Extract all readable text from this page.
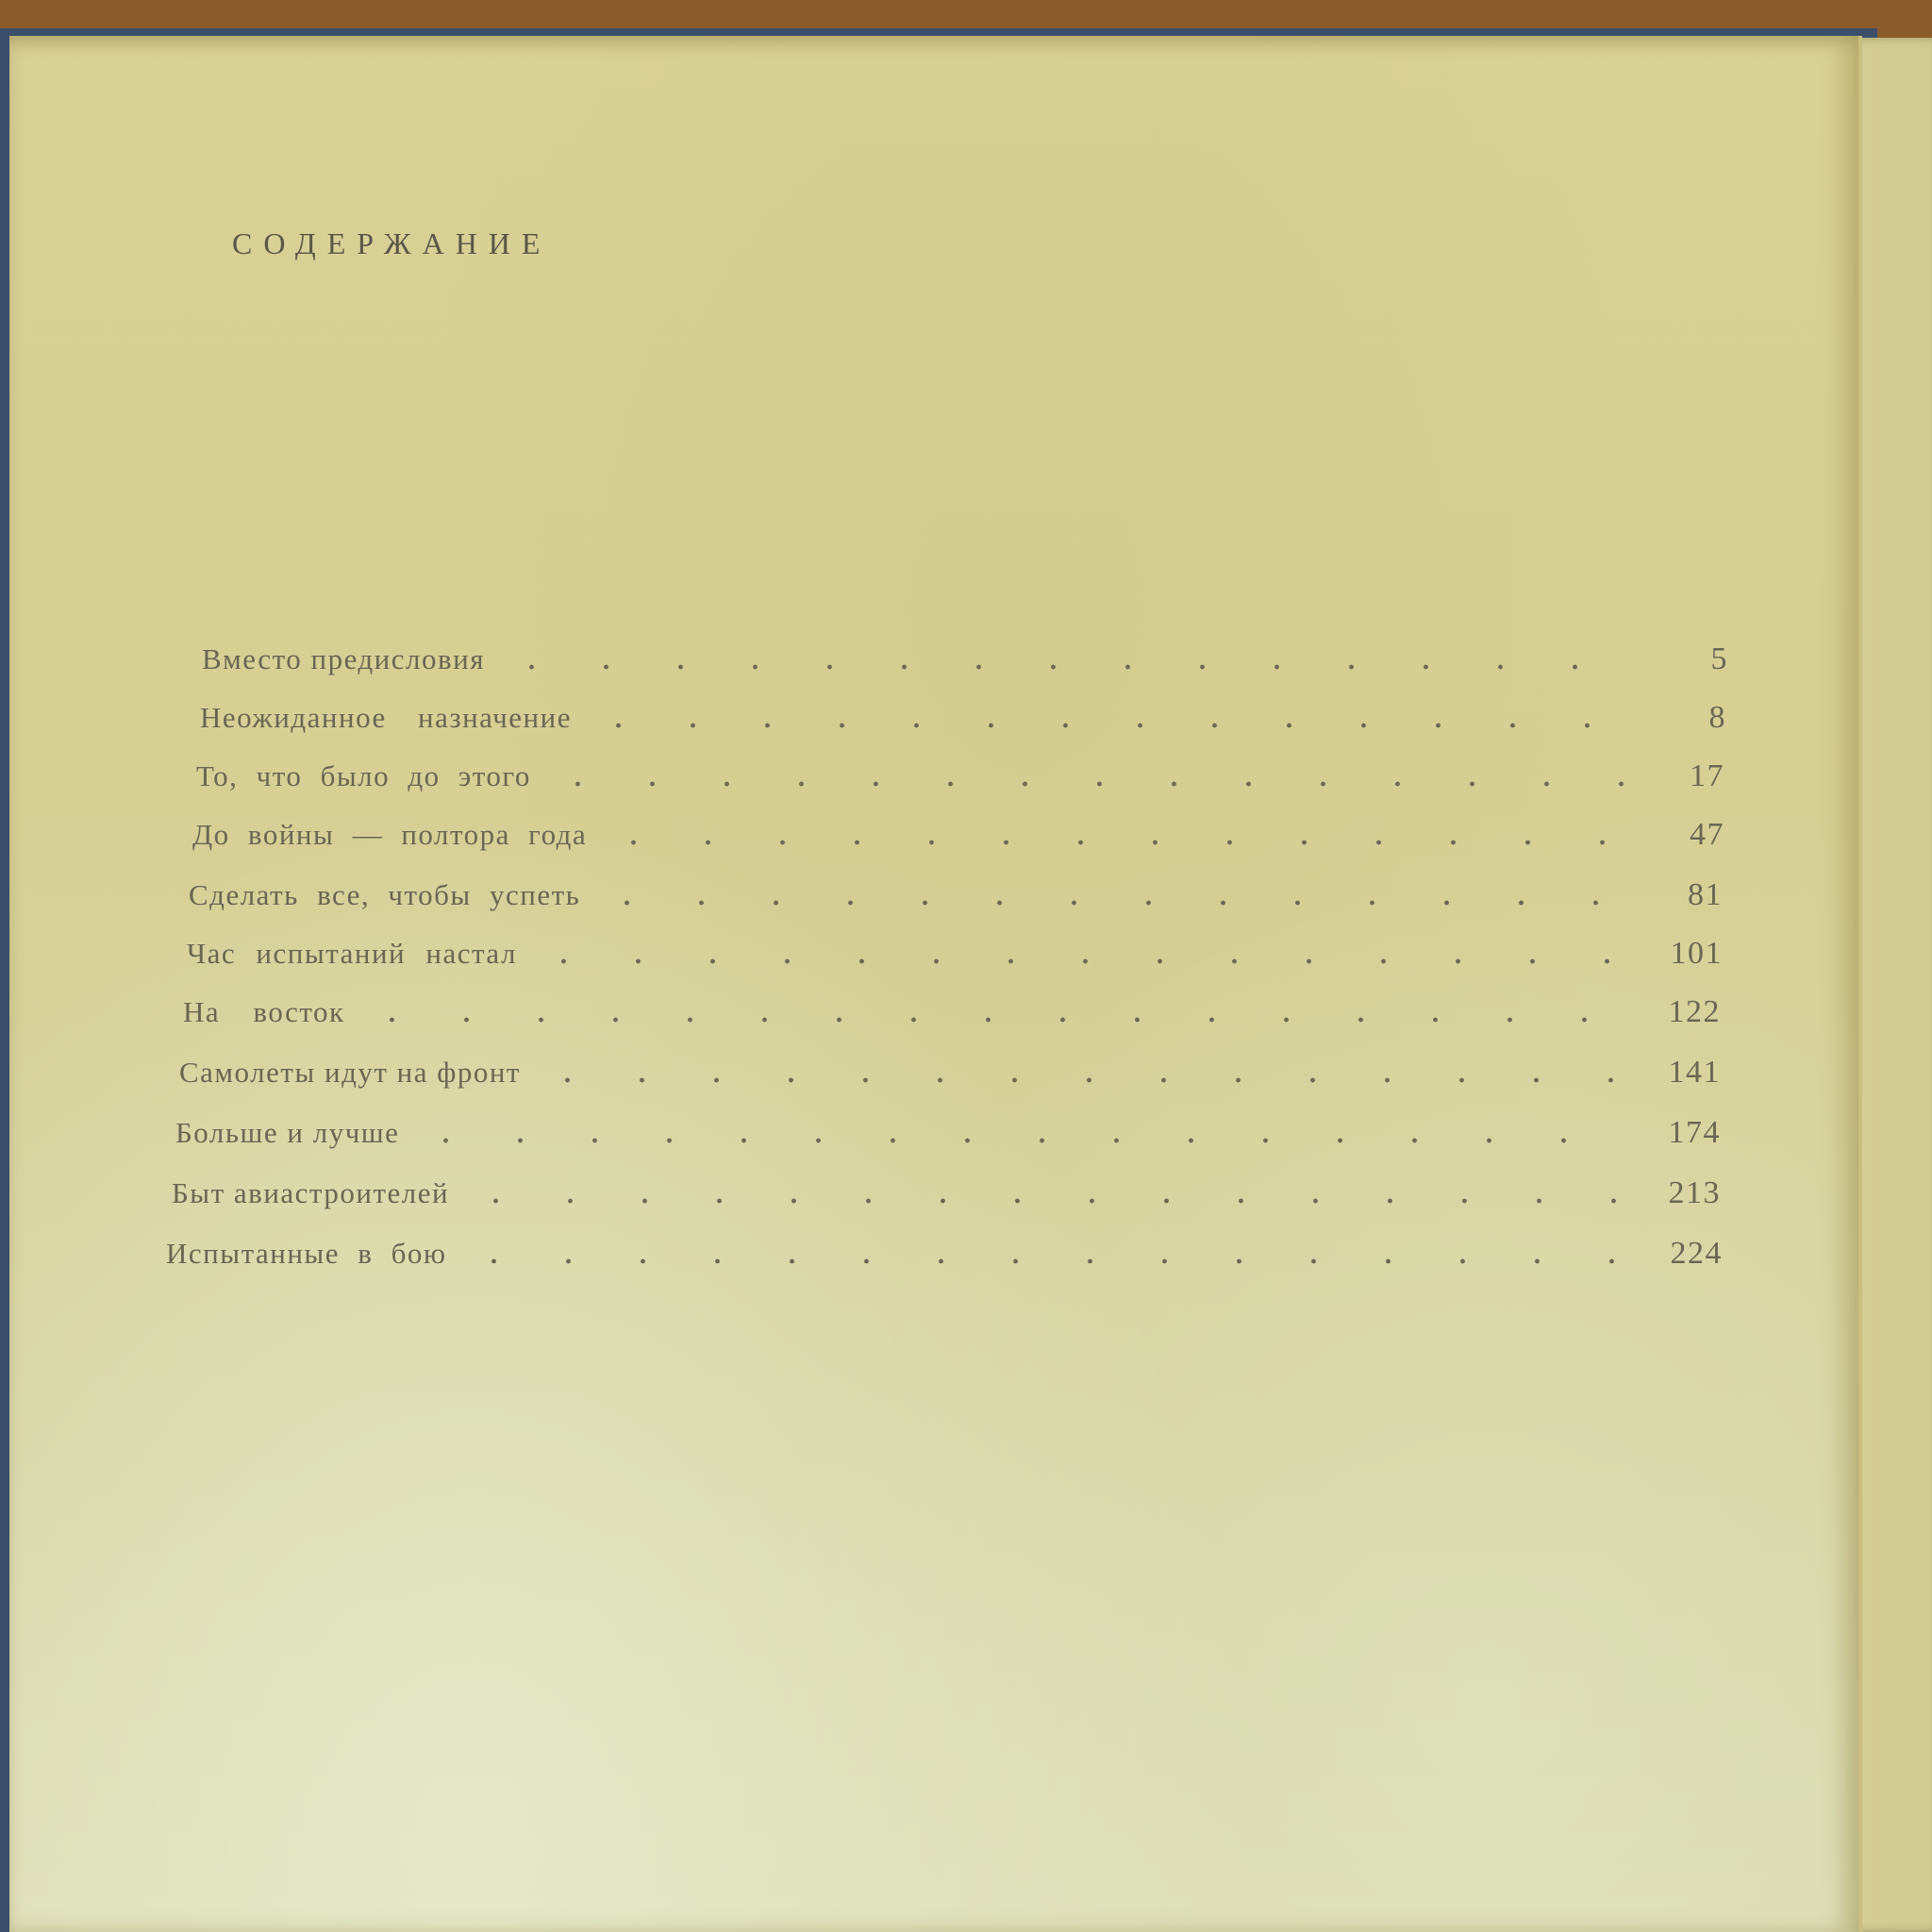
СОДЕРЖАНИЕ
Вместо предисловия	5
Неожиданное назначение	8
То, что было до этого	17
До войны — полтора года	47
Сделать все, чтобы успеть	81
Час испытаний настал	101
На восток	122
Самолеты идут на фронт	141
Больше и лучше	174
Быт авиастроителей	213
Испытанные в бою	224
